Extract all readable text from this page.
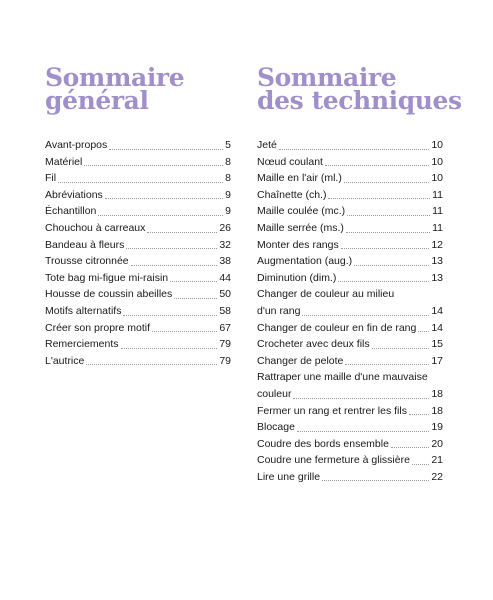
Sommaire
général
Avant-propos	5
Matériel	8
Fil	8
Abréviations	9
Échantillon	9
Chouchou à carreaux	26
Bandeau à fleurs	32
Trousse citronnée	38
Tote bag mi-figue mi-raisin	44
Housse de coussin abeilles	50
Motifs alternatifs	58
Créer son propre motif	67
Remerciements	79
L'autrice	79
Sommaire
des techniques
Jeté	10
Nœud coulant	10
Maille en l'air (ml.)	10
Chaînette (ch.)	11
Maille coulée (mc.)	11
Maille serrée (ms.)	11
Monter des rangs	12
Augmentation (aug.)	13
Diminution (dim.)	13
Changer de couleur au milieu
d'un rang	14
Changer de couleur en fin de rang 14
Crocheter avec deux fils	15
Changer de pelote	17
Rattraper une maille d'une mauvaise
couleur	18
Fermer un rang et rentrer les fils 18
Blocage	19
Coudre des bords ensemble	20
Coudre une fermeture à glissière 21
Lire une grille	22
